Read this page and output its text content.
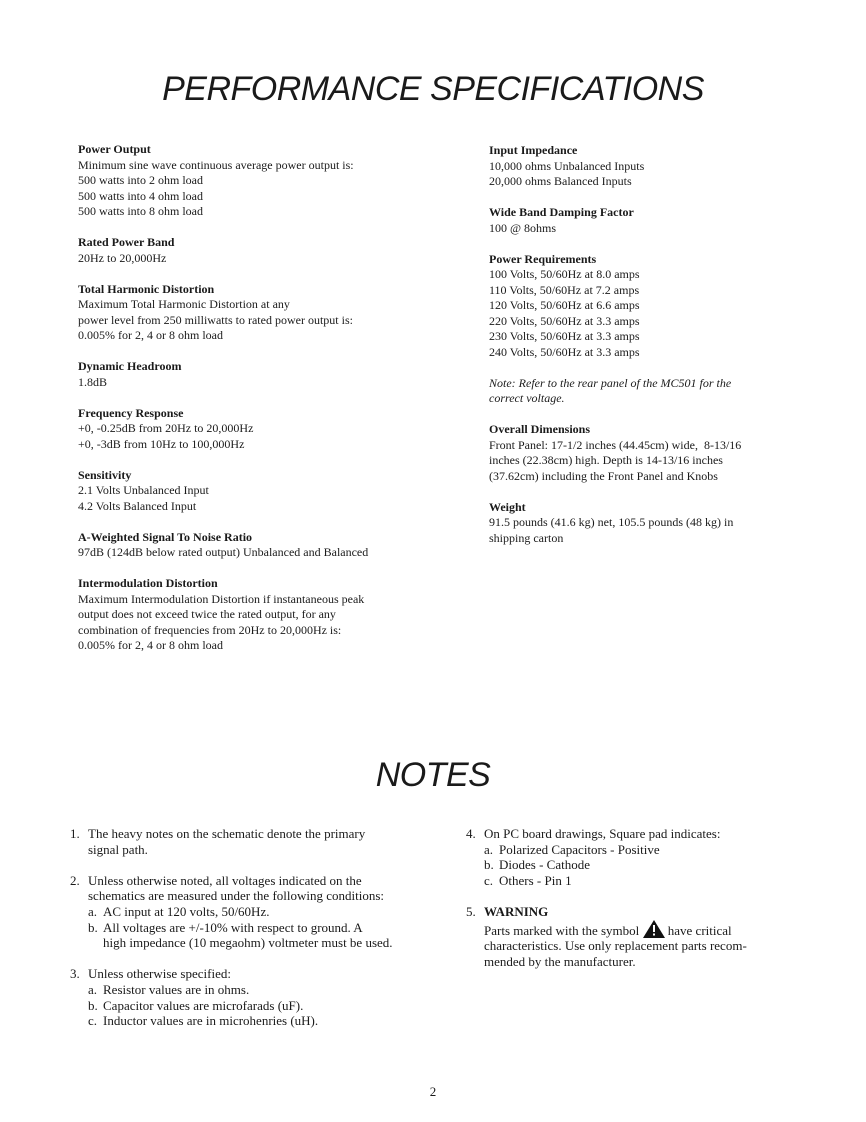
PERFORMANCE SPECIFICATIONS
Power Output
Minimum sine wave continuous average power output is:
500 watts into 2 ohm load
500 watts into 4 ohm load
500 watts into 8 ohm load
Rated Power Band
20Hz to 20,000Hz
Total Harmonic Distortion
Maximum Total Harmonic Distortion at any
power level from 250 milliwatts to rated power output is:
0.005% for 2, 4 or 8 ohm load
Dynamic Headroom
1.8dB
Frequency Response
+0, -0.25dB from 20Hz to 20,000Hz
+0, -3dB from 10Hz to 100,000Hz
Sensitivity
2.1 Volts Unbalanced Input
4.2 Volts Balanced Input
A-Weighted Signal To Noise Ratio
97dB (124dB below rated output) Unbalanced and Balanced
Intermodulation Distortion
Maximum Intermodulation Distortion if instantaneous peak
output does not exceed twice the rated output, for any
combination of frequencies from 20Hz to 20,000Hz is:
0.005% for 2, 4 or 8 ohm load
Input Impedance
10,000 ohms Unbalanced Inputs
20,000 ohms Balanced Inputs
Wide Band Damping Factor
100 @ 8ohms
Power Requirements
100 Volts, 50/60Hz at 8.0 amps
110 Volts, 50/60Hz at 7.2 amps
120 Volts, 50/60Hz at 6.6 amps
220 Volts, 50/60Hz at 3.3 amps
230 Volts, 50/60Hz at 3.3 amps
240 Volts, 50/60Hz at 3.3 amps
Note: Refer to the rear panel of the MC501 for the
correct voltage.
Overall Dimensions
Front Panel: 17-1/2 inches (44.45cm) wide,  8-13/16
inches (22.38cm) high. Depth is 14-13/16 inches
(37.62cm) including the Front Panel and Knobs
Weight
91.5 pounds (41.6 kg) net, 105.5 pounds (48 kg) in
shipping carton
NOTES
1. The heavy notes on the schematic denote the primary
signal path.
2. Unless otherwise noted, all voltages indicated on the
schematics are measured under the following conditions:
a. AC input at 120 volts, 50/60Hz.
b. All voltages are +/-10% with respect to ground. A
high impedance (10 megaohm) voltmeter must be used.
3. Unless otherwise specified:
a. Resistor values are in ohms.
b. Capacitor values are microfarads (uF).
c. Inductor values are in microhenries (uH).
4. On PC board drawings, Square pad indicates:
a. Polarized Capacitors - Positive
b. Diodes - Cathode
c. Others - Pin 1
5. WARNING
Parts marked with the symbol  have critical
characteristics. Use only replacement parts recom-
mended by the manufacturer.
2
